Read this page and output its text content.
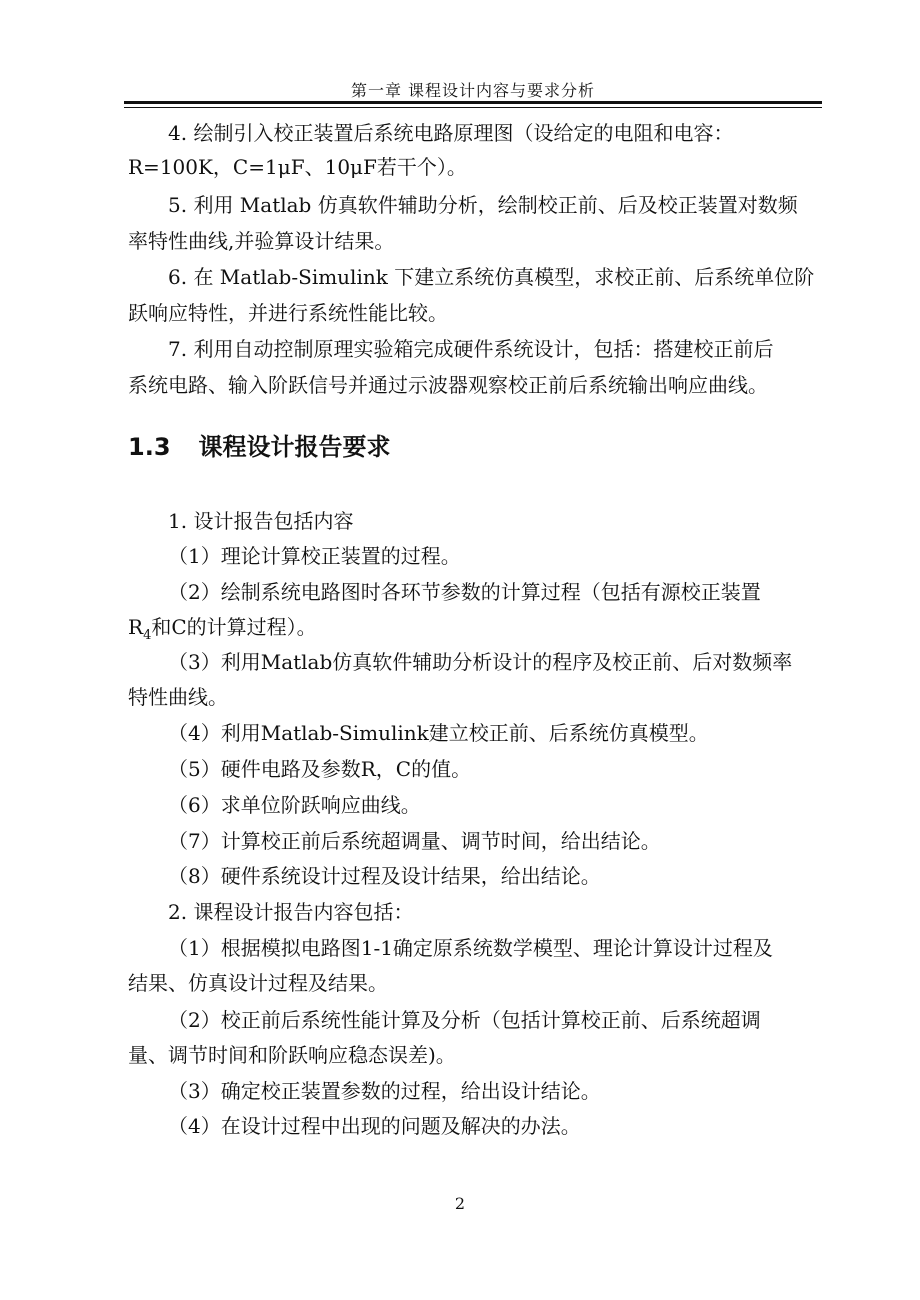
第一章 课程设计内容与要求分析
4. 绘制引入校正装置后系统电路原理图（设给定的电阻和电容：
R=100K，C=1μF、10μF若干个）。
5. 利用 Matlab 仿真软件辅助分析，绘制校正前、后及校正装置对数频
率特性曲线,并验算设计结果。
6. 在 Matlab-Simulink 下建立系统仿真模型，求校正前、后系统单位阶
跃响应特性，并进行系统性能比较。
7. 利用自动控制原理实验箱完成硬件系统设计，包括：搭建校正前后
系统电路、输入阶跃信号并通过示波器观察校正前后系统输出响应曲线。
1.3 课程设计报告要求
1. 设计报告包括内容
（1）理论计算校正装置的过程。
（2）绘制系统电路图时各环节参数的计算过程（包括有源校正装置
$R_4$和C的计算过程）。
（3）利用Matlab仿真软件辅助分析设计的程序及校正前、后对数频率
特性曲线。
（4）利用Matlab-Simulink建立校正前、后系统仿真模型。
（5）硬件电路及参数R，C的值。
（6）求单位阶跃响应曲线。
（7）计算校正前后系统超调量、调节时间，给出结论。
（8）硬件系统设计过程及设计结果，给出结论。
2. 课程设计报告内容包括：
（1）根据模拟电路图1-1确定原系统数学模型、理论计算设计过程及
结果、仿真设计过程及结果。
（2）校正前后系统性能计算及分析（包括计算校正前、后系统超调
量、调节时间和阶跃响应稳态误差)。
（3）确定校正装置参数的过程，给出设计结论。
（4）在设计过程中出现的问题及解决的办法。
2
